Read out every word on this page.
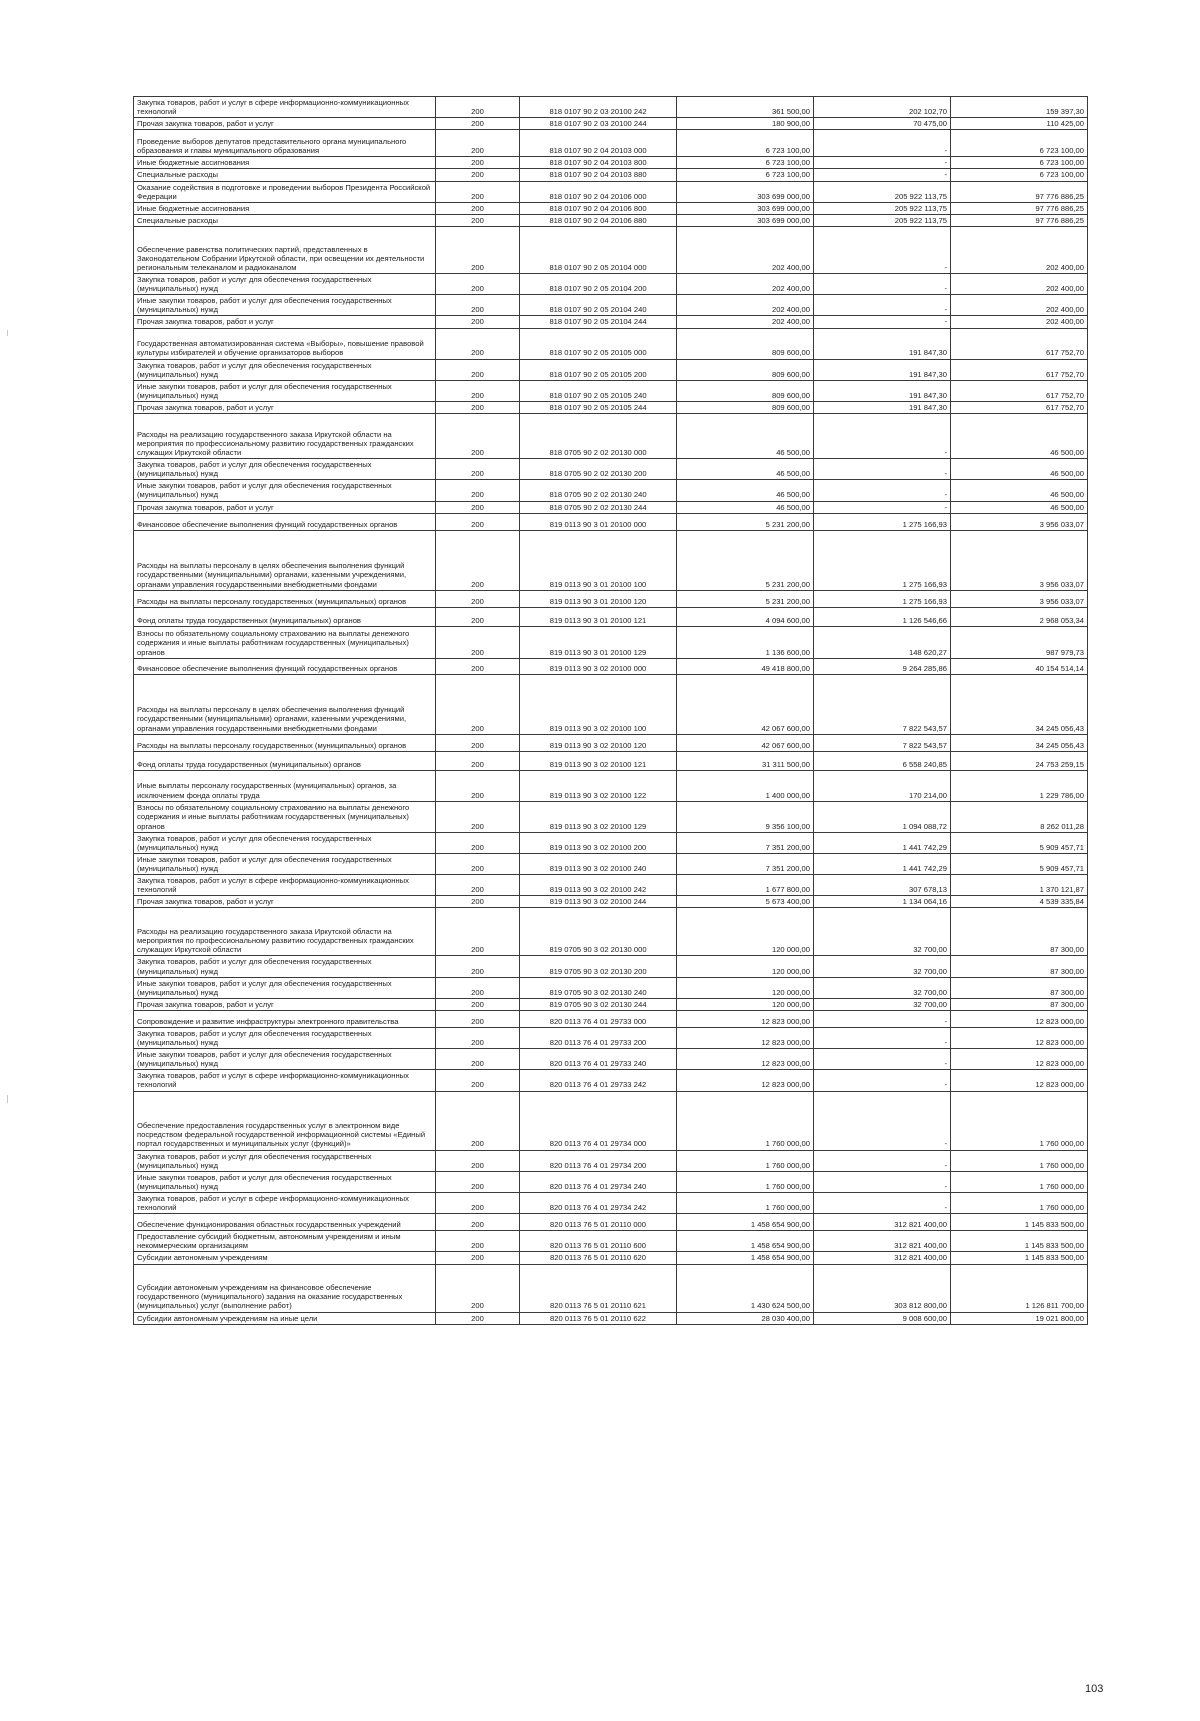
Закупка товаров, работ и услуг в сфере информационно-коммуникационных технологий	200	818 0107 90 2 03 20100 242	361 500,00	202 102,70	159 397,30
Прочая закупка товаров, работ и услуг	200	818 0107 90 2 03 20100 244	180 900,00	70 475,00	110 425,00
Проведение выборов депутатов представительного органа муниципального образования и главы муниципального образования	200	818 0107 90 2 04 20103 000	6 723 100,00	-	6 723 100,00
Иные бюджетные ассигнования	200	818 0107 90 2 04 20103 800	6 723 100,00	-	6 723 100,00
Специальные расходы	200	818 0107 90 2 04 20103 880	6 723 100,00	-	6 723 100,00
Оказание содействия в подготовке и проведении выборов Президента Российской Федерации	200	818 0107 90 2 04 20106 000	303 699 000,00	205 922 113,75	97 776 886,25
Иные бюджетные ассигнования	200	818 0107 90 2 04 20106 800	303 699 000,00	205 922 113,75	97 776 886,25
Специальные расходы	200	818 0107 90 2 04 20106 880	303 699 000,00	205 922 113,75	97 776 886,25
Обеспечение равенства политических партий, представленных в Законодательном Собрании Иркутской области, при освещении их деятельности региональным телеканалом и радиоканалом	200	818 0107 90 2 05 20104 000	202 400,00	-	202 400,00
Закупка товаров, работ и услуг для обеспечения государственных (муниципальных) нужд	200	818 0107 90 2 05 20104 200	202 400,00	-	202 400,00
Иные закупки товаров, работ и услуг для обеспечения государственных (муниципальных) нужд	200	818 0107 90 2 05 20104 240	202 400,00	-	202 400,00
Прочая закупка товаров, работ и услуг	200	818 0107 90 2 05 20104 244	202 400,00	-	202 400,00
Государственная автоматизированная система «Выборы», повышение правовой культуры избирателей и обучение организаторов выборов	200	818 0107 90 2 05 20105 000	809 600,00	191 847,30	617 752,70
Закупка товаров, работ и услуг для обеспечения государственных (муниципальных) нужд	200	818 0107 90 2 05 20105 200	809 600,00	191 847,30	617 752,70
Иные закупки товаров, работ и услуг для обеспечения государственных (муниципальных) нужд	200	818 0107 90 2 05 20105 240	809 600,00	191 847,30	617 752,70
Прочая закупка товаров, работ и услуг	200	818 0107 90 2 05 20105 244	809 600,00	191 847,30	617 752,70
Расходы на реализацию государственного заказа Иркутской области на мероприятия по профессиональному развитию государственных гражданских служащих Иркутской области	200	818 0705 90 2 02 20130 000	46 500,00	-	46 500,00
Закупка товаров, работ и услуг для обеспечения государственных (муниципальных) нужд	200	818 0705 90 2 02 20130 200	46 500,00	-	46 500,00
Иные закупки товаров, работ и услуг для обеспечения государственных (муниципальных) нужд	200	818 0705 90 2 02 20130 240	46 500,00	-	46 500,00
Прочая закупка товаров, работ и услуг	200	818 0705 90 2 02 20130 244	46 500,00	-	46 500,00
Финансовое обеспечение выполнения функций государственных органов	200	819 0113 90 3 01 20100 000	5 231 200,00	1 275 166,93	3 956 033,07
Расходы на выплаты персоналу в целях обеспечения выполнения функций государственными (муниципальными) органами, казенными учреждениями, органами управления государственными внебюджетными фондами	200	819 0113 90 3 01 20100 100	5 231 200,00	1 275 166,93	3 956 033,07
Расходы на выплаты персоналу государственных (муниципальных) органов	200	819 0113 90 3 01 20100 120	5 231 200,00	1 275 166,93	3 956 033,07
Фонд оплаты труда государственных (муниципальных) органов	200	819 0113 90 3 01 20100 121	4 094 600,00	1 126 546,66	2 968 053,34
Взносы по обязательному социальному страхованию на выплаты денежного содержания и иные выплаты работникам государственных (муниципальных) органов	200	819 0113 90 3 01 20100 129	1 136 600,00	148 620,27	987 979,73
Финансовое обеспечение выполнения функций государственных органов	200	819 0113 90 3 02 20100 000	49 418 800,00	9 264 285,86	40 154 514,14
Расходы на выплаты персоналу в целях обеспечения выполнения функций государственными (муниципальными) органами, казенными учреждениями, органами управления государственными внебюджетными фондами	200	819 0113 90 3 02 20100 100	42 067 600,00	7 822 543,57	34 245 056,43
Расходы на выплаты персоналу государственных (муниципальных) органов	200	819 0113 90 3 02 20100 120	42 067 600,00	7 822 543,57	34 245 056,43
Фонд оплаты труда государственных (муниципальных) органов	200	819 0113 90 3 02 20100 121	31 311 500,00	6 558 240,85	24 753 259,15
Иные выплаты персоналу государственных (муниципальных) органов, за исключением фонда оплаты труда	200	819 0113 90 3 02 20100 122	1 400 000,00	170 214,00	1 229 786,00
Взносы по обязательному социальному страхованию на выплаты денежного содержания и иные выплаты работникам государственных (муниципальных) органов	200	819 0113 90 3 02 20100 129	9 356 100,00	1 094 088,72	8 262 011,28
Закупка товаров, работ и услуг для обеспечения государственных (муниципальных) нужд	200	819 0113 90 3 02 20100 200	7 351 200,00	1 441 742,29	5 909 457,71
Иные закупки товаров, работ и услуг для обеспечения государственных (муниципальных) нужд	200	819 0113 90 3 02 20100 240	7 351 200,00	1 441 742,29	5 909 457,71
Закупка товаров, работ и услуг в сфере информационно-коммуникационных технологий	200	819 0113 90 3 02 20100 242	1 677 800,00	307 678,13	1 370 121,87
Прочая закупка товаров, работ и услуг	200	819 0113 90 3 02 20100 244	5 673 400,00	1 134 064,16	4 539 335,84
Расходы на реализацию государственного заказа Иркутской области на мероприятия по профессиональному развитию государственных гражданских служащих Иркутской области	200	819 0705 90 3 02 20130 000	120 000,00	32 700,00	87 300,00
Закупка товаров, работ и услуг для обеспечения государственных (муниципальных) нужд	200	819 0705 90 3 02 20130 200	120 000,00	32 700,00	87 300,00
Иные закупки товаров, работ и услуг для обеспечения государственных (муниципальных) нужд	200	819 0705 90 3 02 20130 240	120 000,00	32 700,00	87 300,00
Прочая закупка товаров, работ и услуг	200	819 0705 90 3 02 20130 244	120 000,00	32 700,00	87 300,00
Сопровождение и развитие инфраструктуры электронного правительства	200	820 0113 76 4 01 29733 000	12 823 000,00	-	12 823 000,00
Закупка товаров, работ и услуг для обеспечения государственных (муниципальных) нужд	200	820 0113 76 4 01 29733 200	12 823 000,00	-	12 823 000,00
Иные закупки товаров, работ и услуг для обеспечения государственных (муниципальных) нужд	200	820 0113 76 4 01 29733 240	12 823 000,00	-	12 823 000,00
Закупка товаров, работ и услуг в сфере информационно-коммуникационных технологий	200	820 0113 76 4 01 29733 242	12 823 000,00	-	12 823 000,00
Обеспечение предоставления государственных услуг в электронном виде посредством федеральной государственной информационной системы «Единый портал государственных и муниципальных услуг (функций)»	200	820 0113 76 4 01 29734 000	1 760 000,00	-	1 760 000,00
Закупка товаров, работ и услуг для обеспечения государственных (муниципальных) нужд	200	820 0113 76 4 01 29734 200	1 760 000,00	-	1 760 000,00
Иные закупки товаров, работ и услуг для обеспечения государственных (муниципальных) нужд	200	820 0113 76 4 01 29734 240	1 760 000,00	-	1 760 000,00
Закупка товаров, работ и услуг в сфере информационно-коммуникационных технологий	200	820 0113 76 4 01 29734 242	1 760 000,00	-	1 760 000,00
Обеспечение функционирования областных государственных учреждений	200	820 0113 76 5 01 20110 000	1 458 654 900,00	312 821 400,00	1 145 833 500,00
Предоставление субсидий бюджетным, автономным учреждениям и иным некоммерческим организациям	200	820 0113 76 5 01 20110 600	1 458 654 900,00	312 821 400,00	1 145 833 500,00
Субсидии автономным учреждениям	200	820 0113 76 5 01 20110 620	1 458 654 900,00	312 821 400,00	1 145 833 500,00
Субсидии автономным учреждениям на финансовое обеспечение государственного (муниципального) задания на оказание государственных (муниципальных) услуг (выполнение работ)	200	820 0113 76 5 01 20110 621	1 430 624 500,00	303 812 800,00	1 126 811 700,00
Субсидии автономным учреждениям на иные цели	200	820 0113 76 5 01 20110 622	28 030 400,00	9 008 600,00	19 021 800,00
103
